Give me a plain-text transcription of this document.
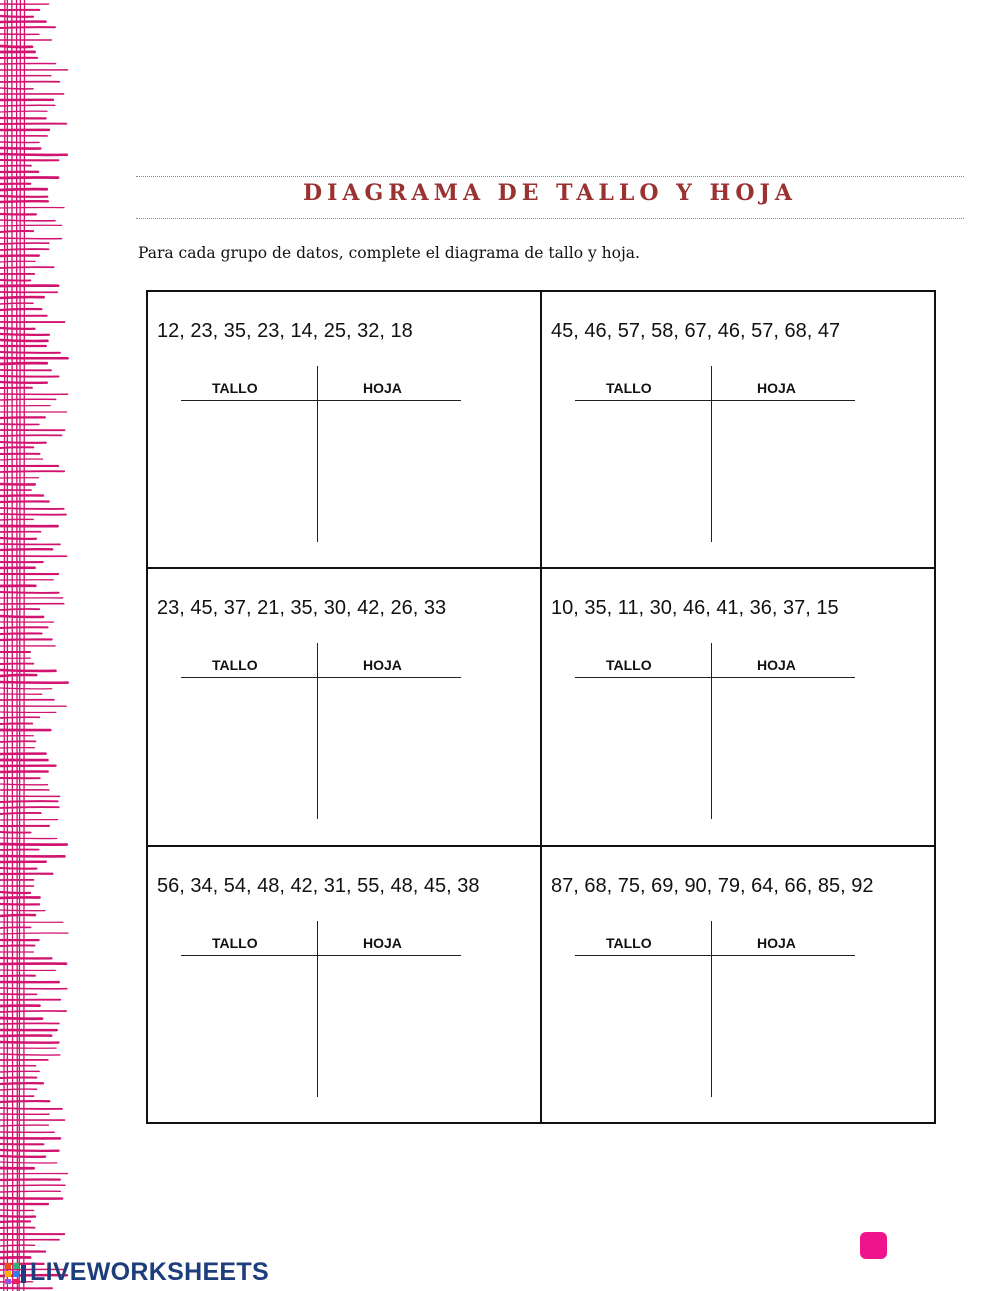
DIAGRAMA DE TALLO Y HOJA
Para cada grupo de datos, complete el diagrama de tallo y hoja.
12, 23, 35, 23, 14, 25, 32, 18
TALLO	HOJA
45, 46, 57, 58, 67, 46, 57, 68, 47
TALLO	HOJA
23, 45, 37, 21, 35, 30, 42, 26, 33
TALLO	HOJA
10, 35, 11, 30, 46, 41, 36, 37, 15
TALLO	HOJA
56, 34, 54, 48, 42, 31, 55, 48, 45, 38
TALLO	HOJA
87, 68, 75, 69, 90, 79, 64, 66, 85, 92
TALLO	HOJA
LIVEWORKSHEETS
